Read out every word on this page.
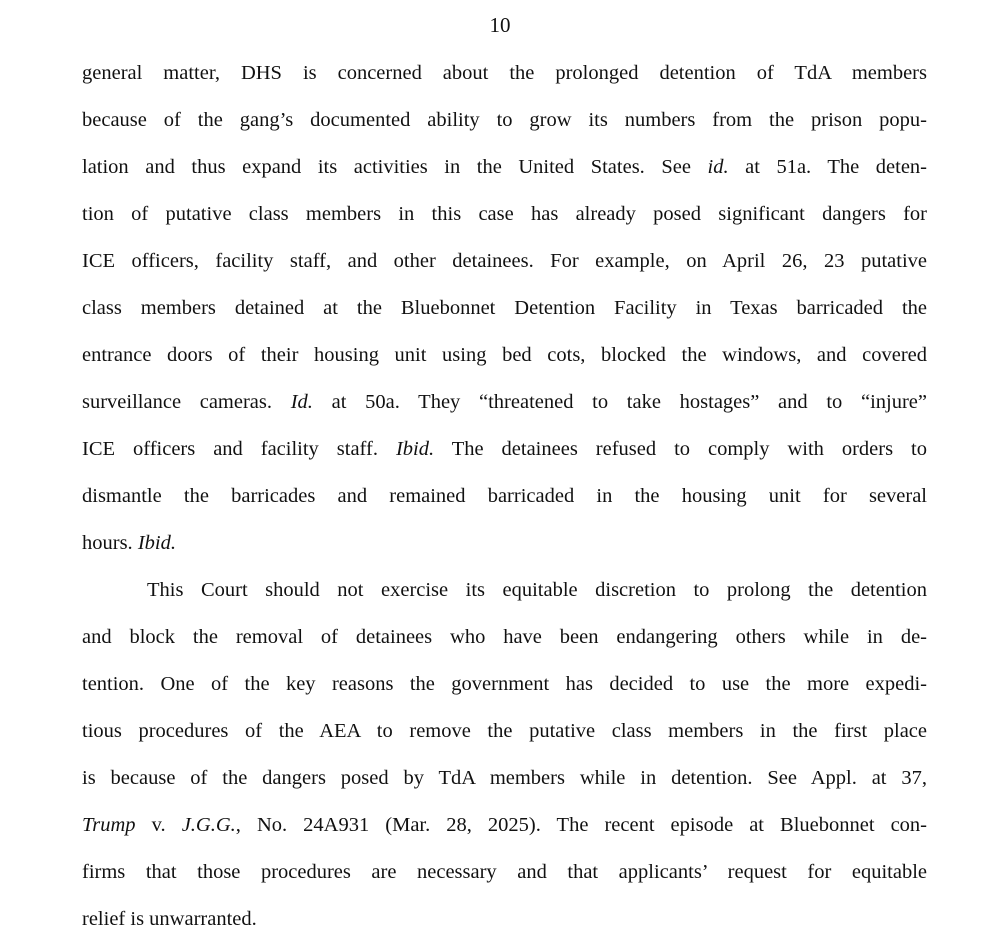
10
general matter, DHS is concerned about the prolonged detention of TdA members
because of the gang’s documented ability to grow its numbers from the prison popu-
lation and thus expand its activities in the United States. See id. at 51a. The deten-
tion of putative class members in this case has already posed significant dangers for
ICE officers, facility staff, and other detainees. For example, on April 26, 23 putative
class members detained at the Bluebonnet Detention Facility in Texas barricaded the
entrance doors of their housing unit using bed cots, blocked the windows, and covered
surveillance cameras. Id. at 50a. They “threatened to take hostages” and to “injure”
ICE officers and facility staff. Ibid. The detainees refused to comply with orders to
dismantle the barricades and remained barricaded in the housing unit for several
hours. Ibid.
This Court should not exercise its equitable discretion to prolong the detention
and block the removal of detainees who have been endangering others while in de-
tention. One of the key reasons the government has decided to use the more expedi-
tious procedures of the AEA to remove the putative class members in the first place
is because of the dangers posed by TdA members while in detention. See Appl. at 37,
Trump v. J.G.G., No. 24A931 (Mar. 28, 2025). The recent episode at Bluebonnet con-
firms that those procedures are necessary and that applicants’ request for equitable
relief is unwarranted.
